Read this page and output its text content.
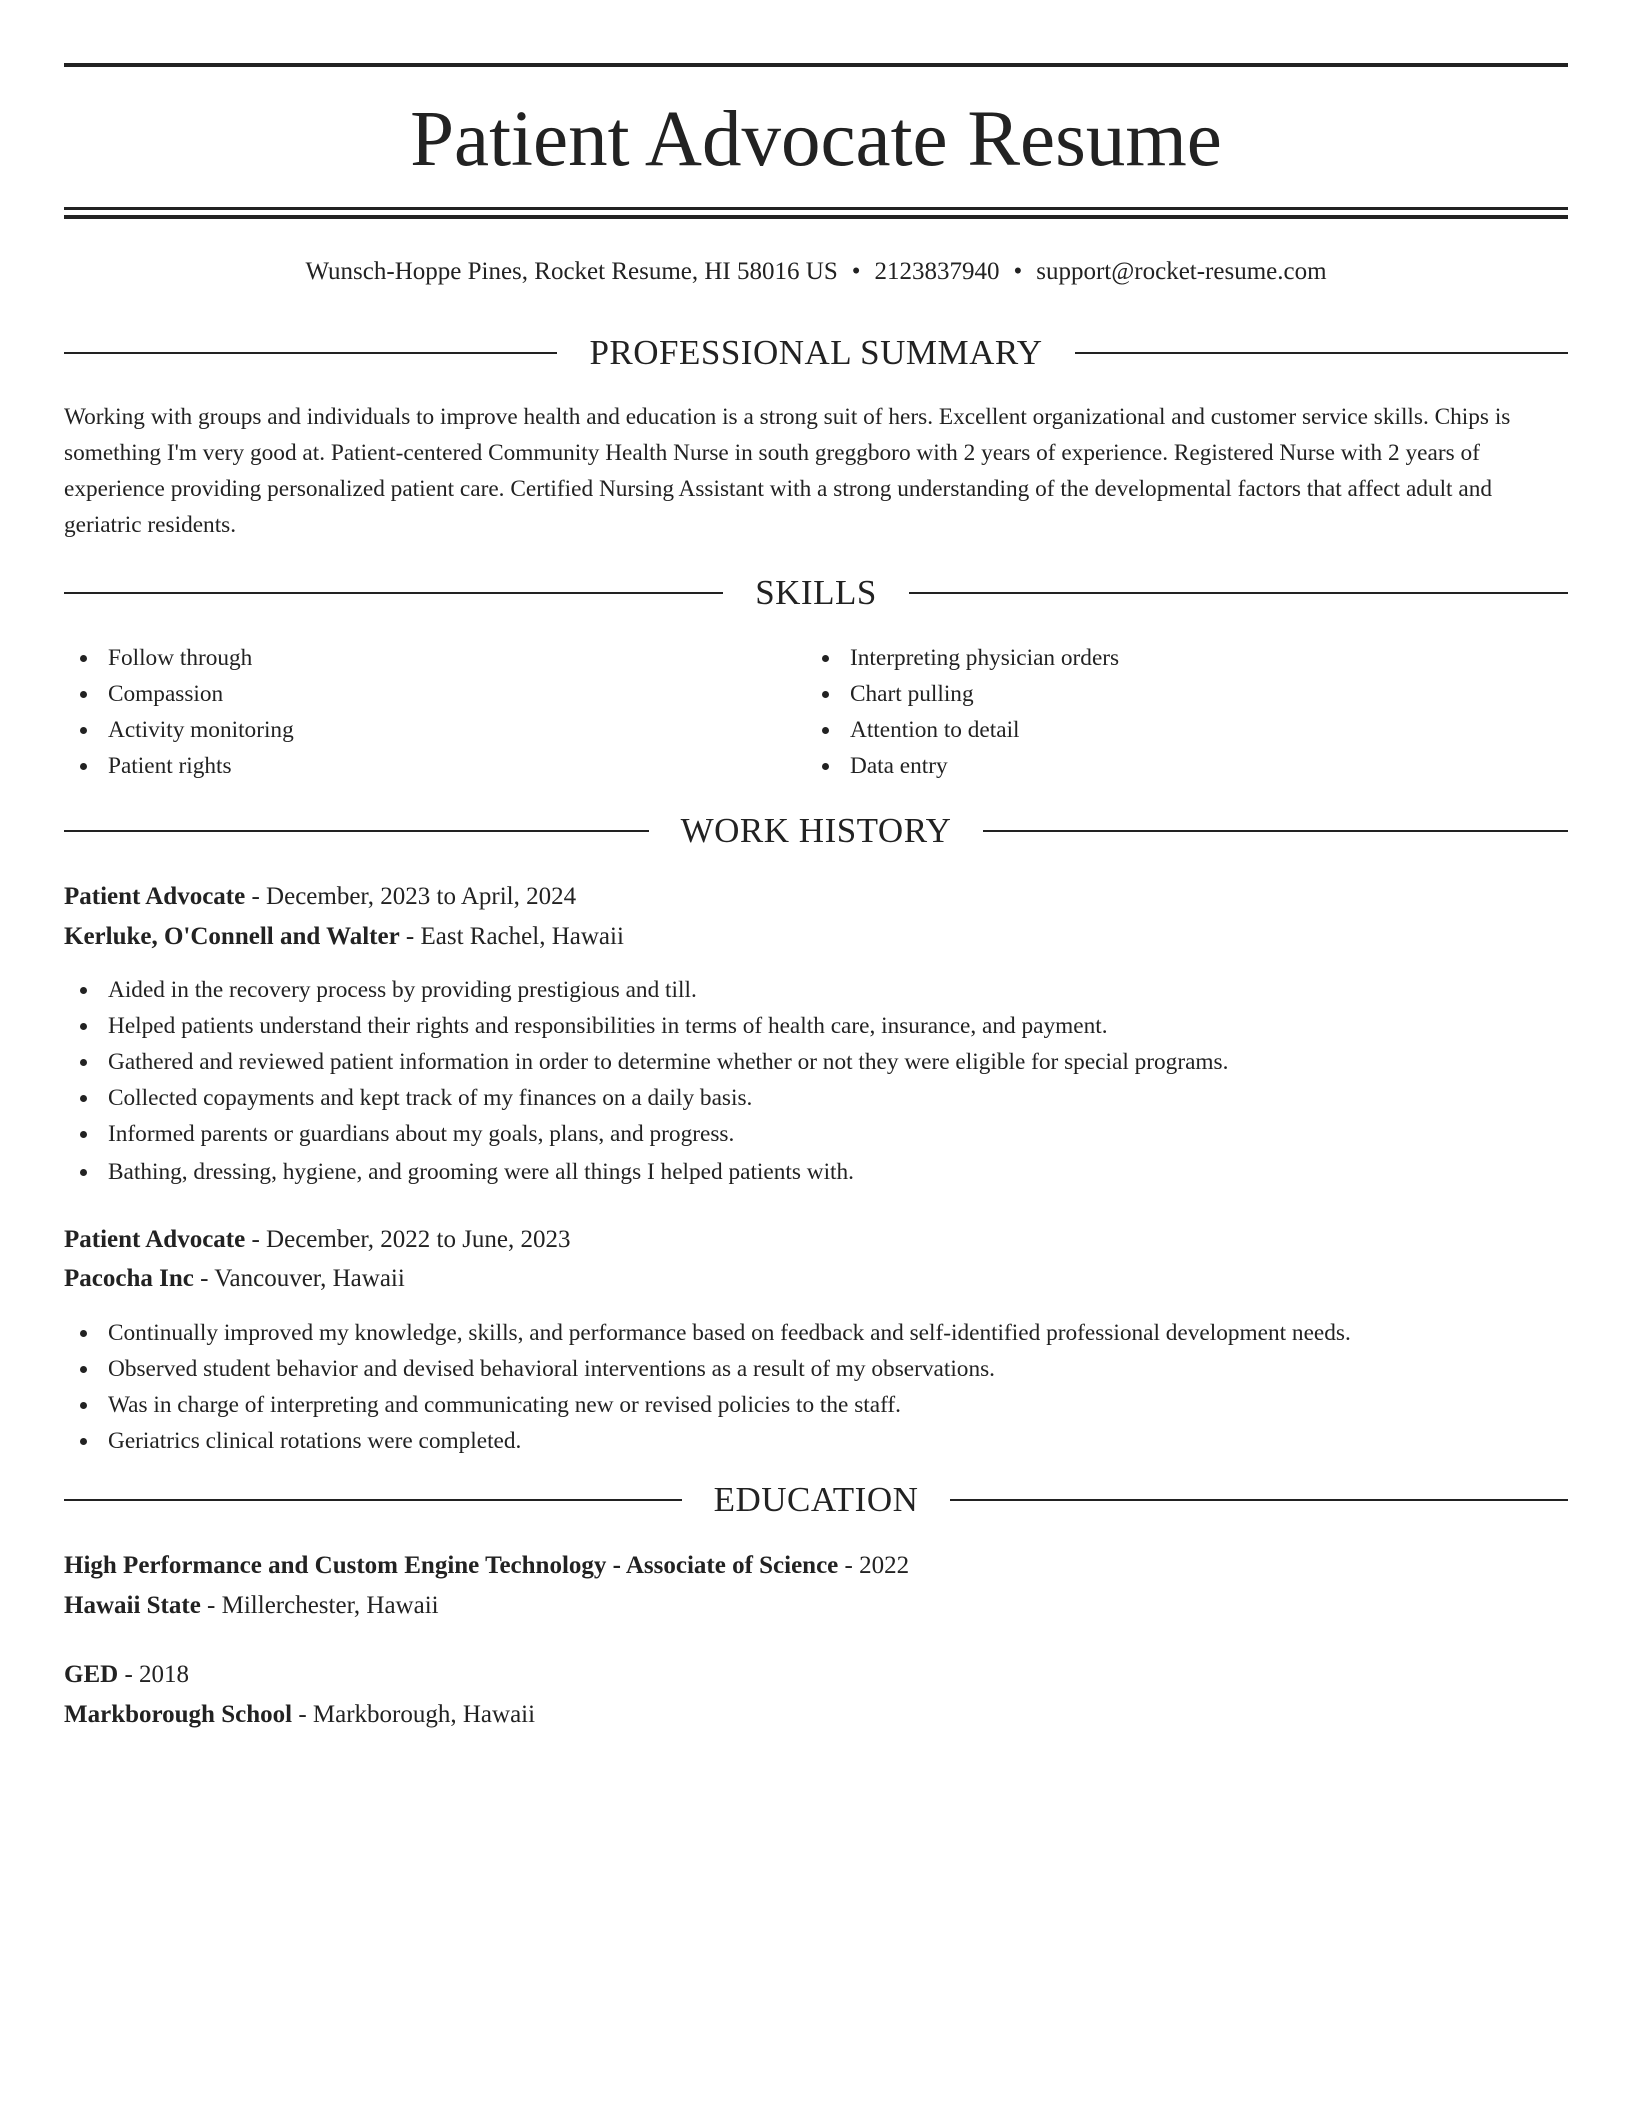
Patient Advocate Resume
Wunsch-Hoppe Pines, Rocket Resume, HI 58016 US • 2123837940 • support@rocket-resume.com
PROFESSIONAL SUMMARY

Working with groups and individuals to improve health and education is a strong suit of hers. Excellent organizational and customer service skills. Chips is something I'm very good at. Patient-centered Community Health Nurse in south greggboro with 2 years of experience. Registered Nurse with 2 years of experience providing personalized patient care. Certified Nursing Assistant with a strong understanding of the developmental factors that affect adult and geriatric residents.

SKILLS
Follow through
Compassion
Activity monitoring
Patient rights
Interpreting physician orders
Chart pulling
Attention to detail
Data entry
WORK HISTORY
Patient Advocate - December, 2023 to April, 2024
Kerluke, O'Connell and Walter - East Rachel, Hawaii
Aided in the recovery process by providing prestigious and till.
Helped patients understand their rights and responsibilities in terms of health care, insurance, and payment.
Gathered and reviewed patient information in order to determine whether or not they were eligible for special programs.
Collected copayments and kept track of my finances on a daily basis.
Informed parents or guardians about my goals, plans, and progress.
Bathing, dressing, hygiene, and grooming were all things I helped patients with.
Patient Advocate - December, 2022 to June, 2023
Pacocha Inc - Vancouver, Hawaii
Continually improved my knowledge, skills, and performance based on feedback and self-identified professional development needs.
Observed student behavior and devised behavioral interventions as a result of my observations.
Was in charge of interpreting and communicating new or revised policies to the staff.
Geriatrics clinical rotations were completed.
EDUCATION
High Performance and Custom Engine Technology - Associate of Science - 2022
Hawaii State - Millerchester, Hawaii
GED - 2018
Markborough School - Markborough, Hawaii
